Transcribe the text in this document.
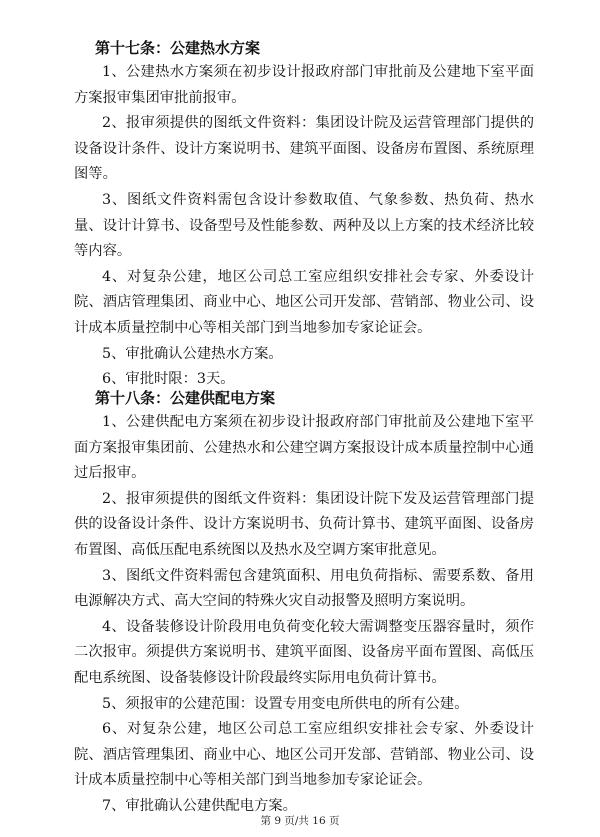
第十七条：公建热水方案

1、公建热水方案须在初步设计报政府部门审批前及公建地下室平面方案报审集团审批前报审。

2、报审须提供的图纸文件资料：集团设计院及运营管理部门提供的设备设计条件、设计方案说明书、建筑平面图、设备房布置图、系统原理图等。

3、图纸文件资料需包含设计参数取值、气象参数、热负荷、热水量、设计计算书、设备型号及性能参数、两种及以上方案的技术经济比较等内容。

4、对复杂公建，地区公司总工室应组织安排社会专家、外委设计院、酒店管理集团、商业中心、地区公司开发部、营销部、物业公司、设计成本质量控制中心等相关部门到当地参加专家论证会。

5、审批确认公建热水方案。

6、审批时限：3天。

第十八条：公建供配电方案

1、公建供配电方案须在初步设计报政府部门审批前及公建地下室平面方案报审集团前、公建热水和公建空调方案报设计成本质量控制中心通过后报审。

2、报审须提供的图纸文件资料：集团设计院下发及运营管理部门提供的设备设计条件、设计方案说明书、负荷计算书、建筑平面图、设备房布置图、高低压配电系统图以及热水及空调方案审批意见。

3、图纸文件资料需包含建筑面积、用电负荷指标、需要系数、备用电源解决方式、高大空间的特殊火灾自动报警及照明方案说明。

4、设备装修设计阶段用电负荷变化较大需调整变压器容量时，须作二次报审。须提供方案说明书、建筑平面图、设备房平面布置图、高低压配电系统图、设备装修设计阶段最终实际用电负荷计算书。

5、须报审的公建范围：设置专用变电所供电的所有公建。

6、对复杂公建，地区公司总工室应组织安排社会专家、外委设计院、酒店管理集团、商业中心、地区公司开发部、营销部、物业公司、设计成本质量控制中心等相关部门到当地参加专家论证会。

7、审批确认公建供配电方案。

第 9 页/共 16 页
